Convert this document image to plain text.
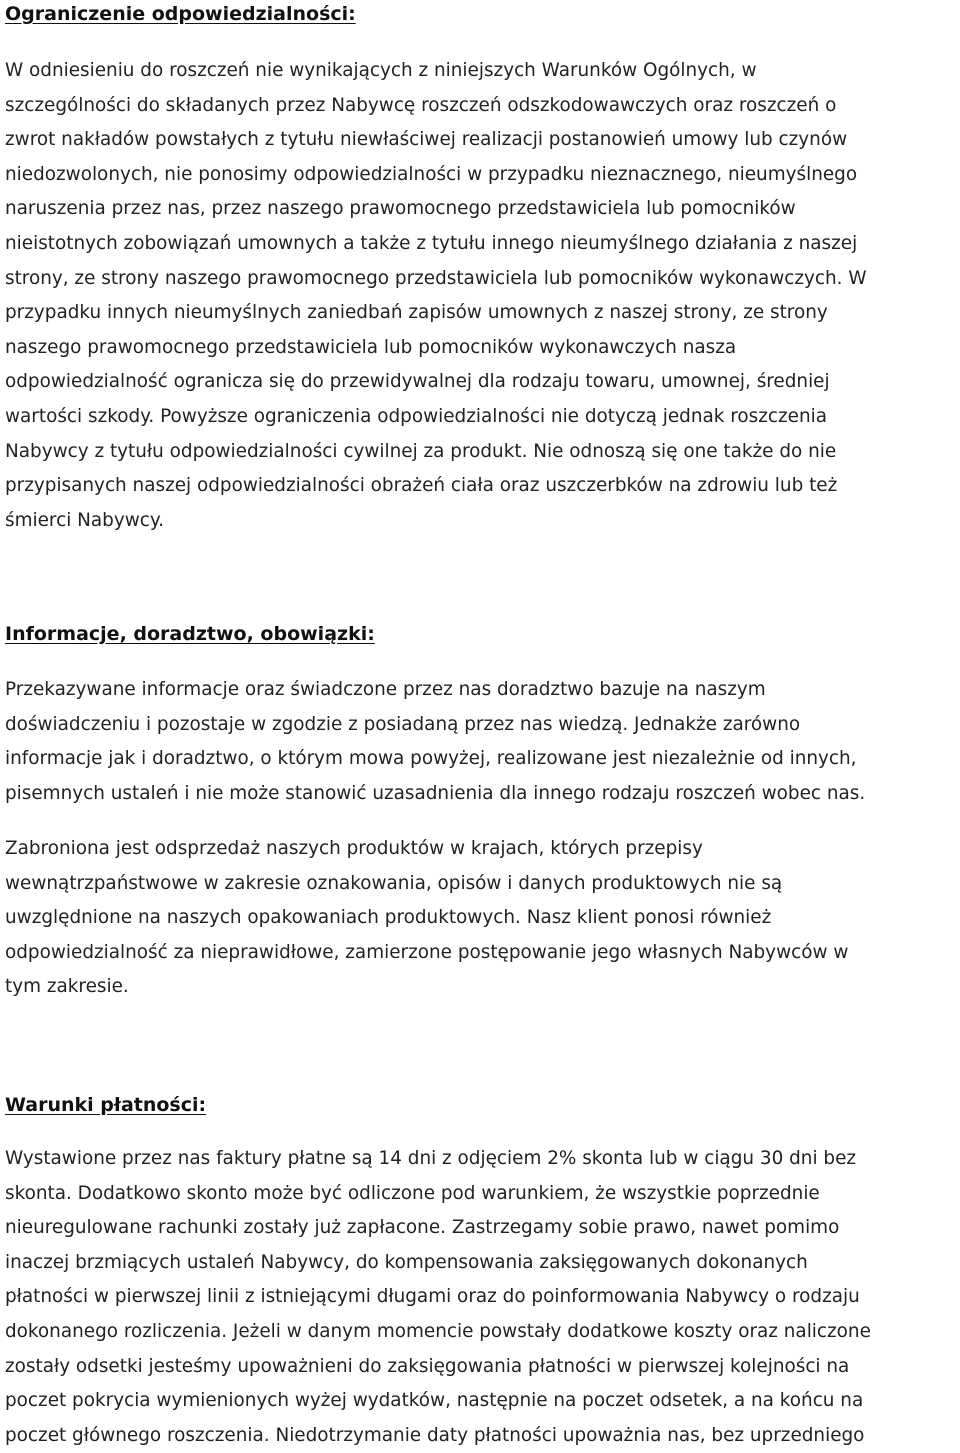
Ograniczenie odpowiedzialności:
W odniesieniu do roszczeń nie wynikających z niniejszych Warunków Ogólnych, w
szczególności do składanych przez Nabywcę roszczeń odszkodowawczych oraz roszczeń o
zwrot nakładów powstałych z tytułu niewłaściwej realizacji postanowień umowy lub czynów
niedozwolonych, nie ponosimy odpowiedzialności w przypadku nieznacznego, nieumyślnego
naruszenia przez nas, przez naszego prawomocnego przedstawiciela lub pomocników
nieistotnych zobowiązań umownych a także z tytułu innego nieumyślnego działania z naszej
strony, ze strony naszego prawomocnego przedstawiciela lub pomocników wykonawczych. W
przypadku innych nieumyślnych zaniedbań zapisów umownych z naszej strony, ze strony
naszego prawomocnego przedstawiciela lub pomocników wykonawczych nasza
odpowiedzialność ogranicza się do przewidywalnej dla rodzaju towaru, umownej, średniej
wartości szkody. Powyższe ograniczenia odpowiedzialności nie dotyczą jednak roszczenia
Nabywcy z tytułu odpowiedzialności cywilnej za produkt. Nie odnoszą się one także do nie
przypisanych naszej odpowiedzialności obrażeń ciała oraz uszczerbków na zdrowiu lub też
śmierci Nabywcy.
Informacje, doradztwo, obowiązki:
Przekazywane informacje oraz świadczone przez nas doradztwo bazuje na naszym
doświadczeniu i pozostaje w zgodzie z posiadaną przez nas wiedzą. Jednakże zarówno
informacje jak i doradztwo, o którym mowa powyżej, realizowane jest niezależnie od innych,
pisemnych ustaleń i nie może stanowić uzasadnienia dla innego rodzaju roszczeń wobec nas.
Zabroniona jest odsprzedaż naszych produktów w krajach, których przepisy
wewnątrzpaństwowe w zakresie oznakowania, opisów i danych produktowych nie są
uwzględnione na naszych opakowaniach produktowych. Nasz klient ponosi również
odpowiedzialność za nieprawidłowe, zamierzone postępowanie jego własnych Nabywców w
tym zakresie.
Warunki płatności:
Wystawione przez nas faktury płatne są 14 dni z odjęciem 2% skonta lub w ciągu 30 dni bez
skonta. Dodatkowo skonto może być odliczone pod warunkiem, że wszystkie poprzednie
nieuregulowane rachunki zostały już zapłacone. Zastrzegamy sobie prawo, nawet pomimo
inaczej brzmiących ustaleń Nabywcy, do kompensowania zaksięgowanych dokonanych
płatności w pierwszej linii z istniejącymi długami oraz do poinformowania Nabywcy o rodzaju
dokonanego rozliczenia. Jeżeli w danym momencie powstały dodatkowe koszty oraz naliczone
zostały odsetki jesteśmy upoważnieni do zaksięgowania płatności w pierwszej kolejności na
poczet pokrycia wymienionych wyżej wydatków, następnie na poczet odsetek, a na końcu na
poczet głównego roszczenia. Niedotrzymanie daty płatności upoważnia nas, bez uprzedniego
